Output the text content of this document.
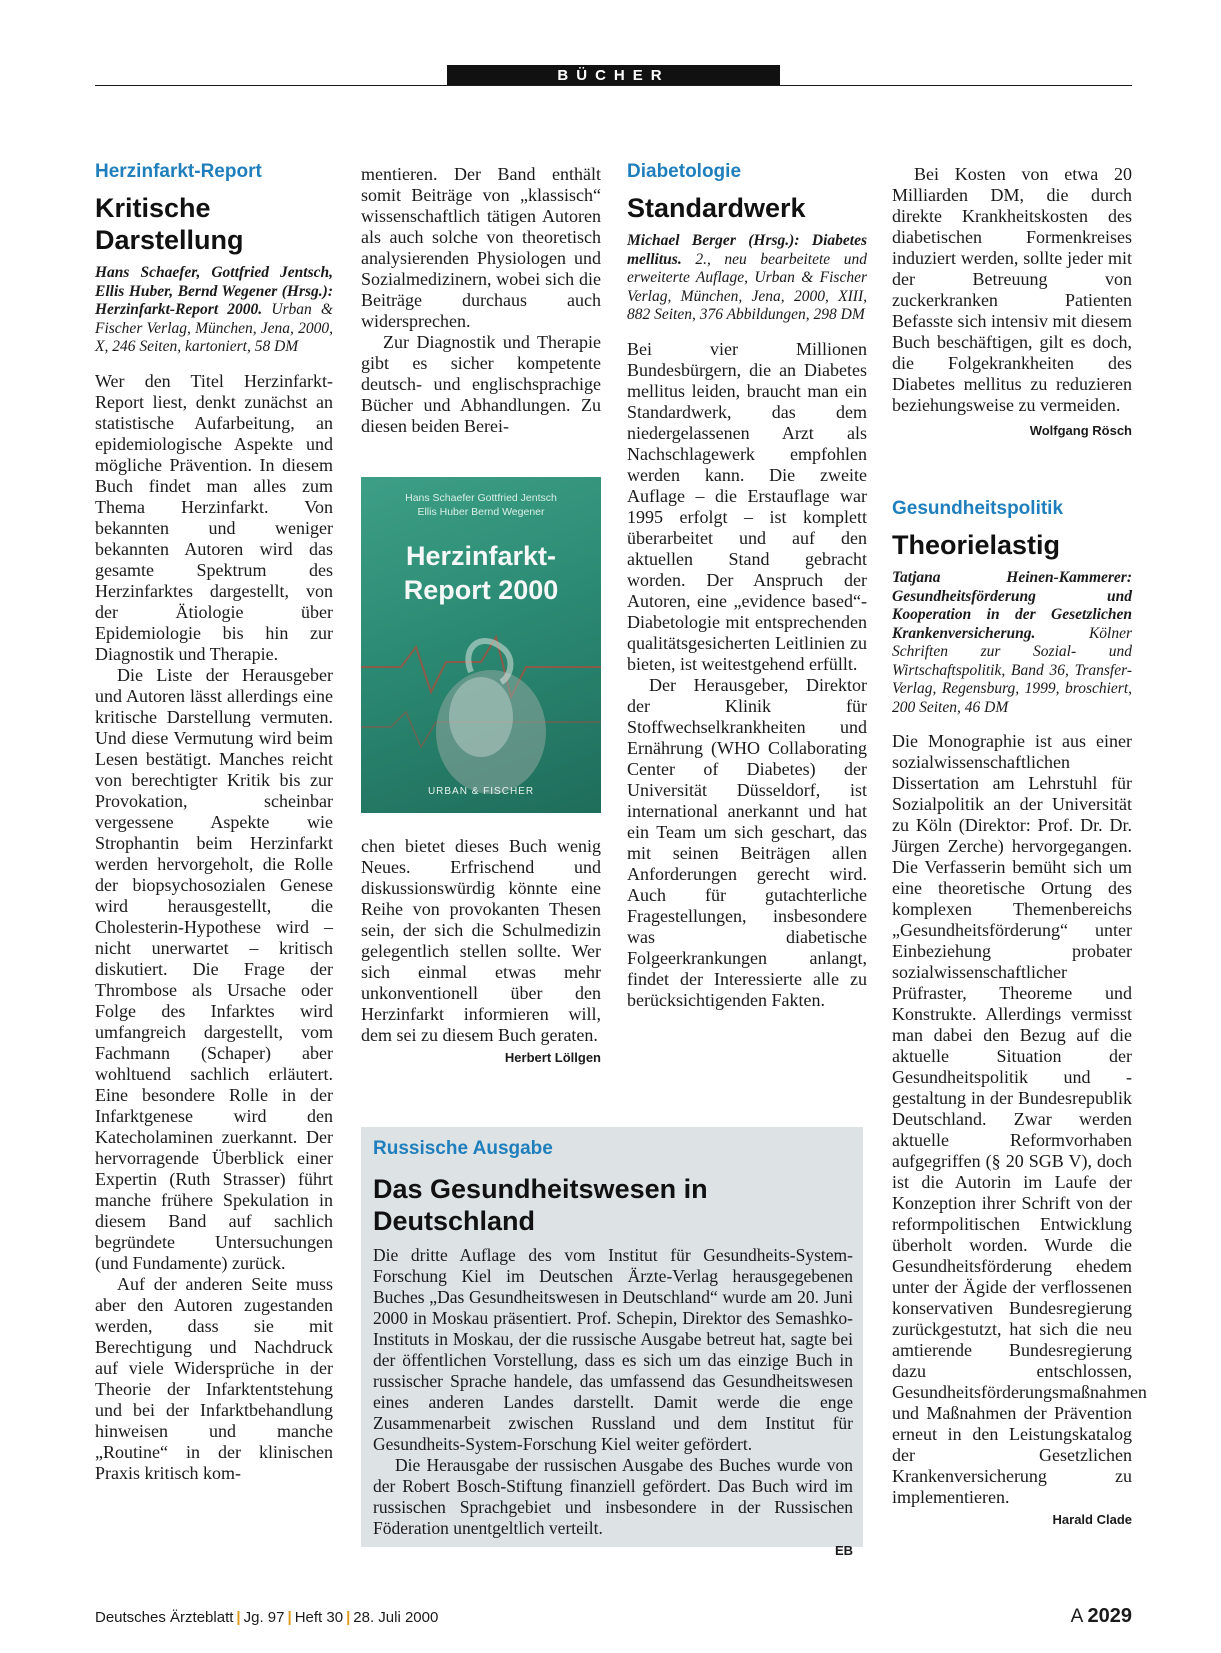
BÜCHER
Herzinfarkt-Report
Kritische Darstellung
Hans Schaefer, Gottfried Jentsch, Ellis Huber, Bernd Wegener (Hrsg.): Herzinfarkt-Report 2000. Urban & Fischer Verlag, München, Jena, 2000, X, 246 Seiten, kartoniert, 58 DM

Wer den Titel Herzinfarkt-Report liest, denkt zunächst an statistische Aufarbeitung, an epidemiologische Aspekte und mögliche Prävention. In diesem Buch findet man alles zum Thema Herzinfarkt. Von bekannten und weniger bekannten Autoren wird das gesamte Spektrum des Herzinfarktes dargestellt, von der Ätiologie über Epidemiologie bis hin zur Diagnostik und Therapie.

Die Liste der Herausgeber und Autoren lässt allerdings eine kritische Darstellung vermuten. Und diese Vermutung wird beim Lesen bestätigt. Manches reicht von berechtigter Kritik bis zur Provokation, scheinbar vergessene Aspekte wie Strophantin beim Herzinfarkt werden hervorgeholt, die Rolle der biopsychosozialen Genese wird herausgestellt, die Cholesterin-Hypothese wird – nicht unerwartet – kritisch diskutiert. Die Frage der Thrombose als Ursache oder Folge des Infarktes wird umfangreich dargestellt, vom Fachmann (Schaper) aber wohltuend sachlich erläutert. Eine besondere Rolle in der Infarktgenese wird den Katecholaminen zuerkannt. Der hervorragende Überblick einer Expertin (Ruth Strasser) führt manche frühere Spekulation in diesem Band auf sachlich begründete Untersuchungen (und Fundamente) zurück.

Auf der anderen Seite muss aber den Autoren zugestanden werden, dass sie mit Berechtigung und Nachdruck auf viele Widersprüche in der Theorie der Infarktentstehung und bei der Infarktbehandlung hinweisen und manche „Routine“ in der klinischen Praxis kritisch kom-

mentieren. Der Band enthält somit Beiträge von „klassisch“ wissenschaftlich tätigen Autoren als auch solche von theoretisch analysierenden Physiologen und Sozialmedizinern, wobei sich die Beiträge durchaus auch widersprechen.

Zur Diagnostik und Therapie gibt es sicher kompetente deutsch- und englischsprachige Bücher und Abhandlungen. Zu diesen beiden Berei-

Hans Schaefer Gottfried Jentsch
Ellis Huber Bernd Wegener
Herzinfarkt-
Report 2000
URBAN & FISCHER

chen bietet dieses Buch wenig Neues. Erfrischend und diskussionswürdig könnte eine Reihe von provokanten Thesen sein, der sich die Schulmedizin gelegentlich stellen sollte. Wer sich einmal etwas mehr unkonventionell über den Herzinfarkt informieren will, dem sei zu diesem Buch geraten.

Herbert Löllgen
Diabetologie
Standardwerk
Michael Berger (Hrsg.): Diabetes mellitus. 2., neu bearbeitete und erweiterte Auflage, Urban & Fischer Verlag, München, Jena, 2000, XIII, 882 Seiten, 376 Abbildungen, 298 DM

Bei vier Millionen Bundesbürgern, die an Diabetes mellitus leiden, braucht man ein Standardwerk, das dem niedergelassenen Arzt als Nachschlagewerk empfohlen werden kann. Die zweite Auflage – die Erstauflage war 1995 erfolgt – ist komplett überarbeitet und auf den aktuellen Stand gebracht worden. Der Anspruch der Autoren, eine „evidence based“-Diabetologie mit entsprechenden qualitätsgesicherten Leitlinien zu bieten, ist weitestgehend erfüllt.

Der Herausgeber, Direktor der Klinik für Stoffwechselkrankheiten und Ernährung (WHO Collaborating Center of Diabetes) der Universität Düsseldorf, ist international anerkannt und hat ein Team um sich geschart, das mit seinen Beiträgen allen Anforderungen gerecht wird. Auch für gutachterliche Fragestellungen, insbesondere was diabetische Folgeerkrankungen anlangt, findet der Interessierte alle zu berücksichtigenden Fakten.

Bei Kosten von etwa 20 Milliarden DM, die durch direkte Krankheitskosten des diabetischen Formenkreises induziert werden, sollte jeder mit der Betreuung von zuckerkranken Patienten Befasste sich intensiv mit diesem Buch beschäftigen, gilt es doch, die Folgekrankheiten des Diabetes mellitus zu reduzieren beziehungsweise zu vermeiden.
Wolfgang Rösch

Gesundheitspolitik
Theorielastig
Tatjana Heinen-Kammerer: Gesundheitsförderung und Kooperation in der Gesetzlichen Krankenversicherung.	Kölner Schriften zur Sozial- und Wirtschaftspolitik, Band 36, Transfer-Verlag, Regensburg, 1999, broschiert, 200 Seiten, 46 DM

Die Monographie ist aus einer sozialwissenschaftlichen Dissertation am Lehrstuhl für Sozialpolitik an der Universität zu Köln (Direktor: Prof. Dr. Dr. Jürgen Zerche) hervorgegangen. Die Verfasserin bemüht sich um eine theoretische Ortung des komplexen Themenbereichs „Gesundheitsförderung“ unter Einbeziehung probater sozialwissenschaftlicher Prüfraster, Theoreme und Konstrukte. Allerdings vermisst man dabei den Bezug auf die aktuelle Situation der Gesundheitspolitik und -gestaltung in der Bundesrepublik Deutschland. Zwar werden aktuelle Reformvorhaben aufgegriffen (§ 20 SGB V), doch ist die Autorin im Laufe der Konzeption ihrer Schrift von der reformpolitischen Entwicklung überholt worden. Wurde die Gesundheitsförderung ehedem unter der Ägide der verflossenen konservativen Bundesregierung zurückgestutzt, hat sich die neu amtierende Bundesregierung dazu entschlossen, Gesundheitsförderungsmaßnahmen und Maßnahmen der Prävention erneut in den Leistungskatalog der Gesetzlichen Krankenversicherung zu implementieren.

Harald Clade
Russische Ausgabe
Das Gesundheitswesen in Deutschland

Die dritte Auflage des vom Institut für Gesundheits-System-Forschung Kiel im Deutschen Ärzte-Verlag herausgegebenen Buches „Das Gesundheitswesen in Deutschland“ wurde am 20. Juni 2000 in Moskau präsentiert. Prof. Schepin, Direktor des Semashko-Instituts in Moskau, der die russische Ausgabe betreut hat, sagte bei der öffentlichen Vorstellung, dass es sich um das einzige Buch in russischer Sprache handele, das umfassend das Gesundheitswesen eines anderen Landes darstellt. Damit werde die enge Zusammenarbeit zwischen Russland und dem Institut für Gesundheits-System-Forschung Kiel weiter gefördert.

Die Herausgabe der russischen Ausgabe des Buches wurde von der Robert Bosch-Stiftung finanziell gefördert. Das Buch wird im russischen Sprachgebiet und insbesondere in der Russischen Föderation unentgeltlich verteilt.

EB
Deutsches Ärzteblatt | Jg. 97 | Heft 30 | 28. Juli 2000	A 2029
